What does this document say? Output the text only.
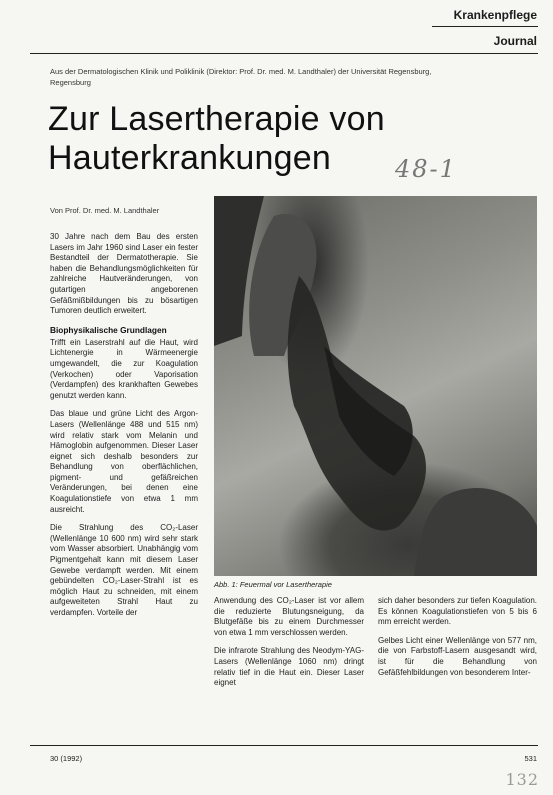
Krankenpflege
Journal
Aus der Dermatologischen Klinik und Poliklinik (Direktor: Prof. Dr. med. M. Landthaler) der Universität Regensburg, Regensburg
Zur Lasertherapie von
Hauterkrankungen	48-1
Von Prof. Dr. med. M. Landthaler

30 Jahre nach dem Bau des ersten Lasers im Jahr 1960 sind Laser ein fester Bestandteil der Dermatotherapie. Sie haben die Behandlungsmöglichkeiten für zahlreiche Hautveränderungen, von gutartigen angeborenen Gefäßmißbildungen bis zu bösartigen Tumoren deutlich erweitert.

Biophysikalische Grundlagen

Trifft ein Laserstrahl auf die Haut, wird Lichtenergie in Wärmeenergie umgewandelt, die zur Koagulation (Verkochen) oder Vaporisation (Verdampfen) des krankhaften Gewebes genutzt werden kann.

Das blaue und grüne Licht des Argon-Lasers (Wellenlänge 488 und 515 nm) wird relativ stark vom Melanin und Hämoglobin aufgenommen. Dieser Laser eignet sich deshalb besonders zur Behandlung von oberflächlichen, pigment- und gefäßreichen Veränderungen, bei denen eine Koagulationstiefe von etwa 1 mm ausreicht.

Die Strahlung des CO₂-Laser (Wellenlänge 10 600 nm) wird sehr stark vom Wasser absorbiert. Unabhängig vom Pigmentgehalt kann mit diesem Laser Gewebe verdampft werden. Mit einem gebündelten CO₂-Laser-Strahl ist es möglich Haut zu schneiden, mit einem aufgeweiteten Strahl Haut zu verdampfen. Vorteile der

Abb. 1: Feuermal vor Lasertherapie

Anwendung des CO₂-Laser ist vor allem die reduzierte Blutungsneigung, da Blutgefäße bis zu einem Durchmesser von etwa 1 mm verschlossen werden.

Die infrarote Strahlung des Neodym-YAG-Lasers (Wellenlänge 1060 nm) dringt relativ tief in die Haut ein. Dieser Laser eignet

sich daher besonders zur tiefen Koagulation. Es können Koagulationstiefen von 5 bis 6 mm erreicht werden.

Gelbes Licht einer Wellenlänge von 577 nm, die von Farbstoff-Lasern ausgesandt wird, ist für die Behandlung von Gefäßfehlbildungen von besonderem Inter-

30 (1992)	531
132
